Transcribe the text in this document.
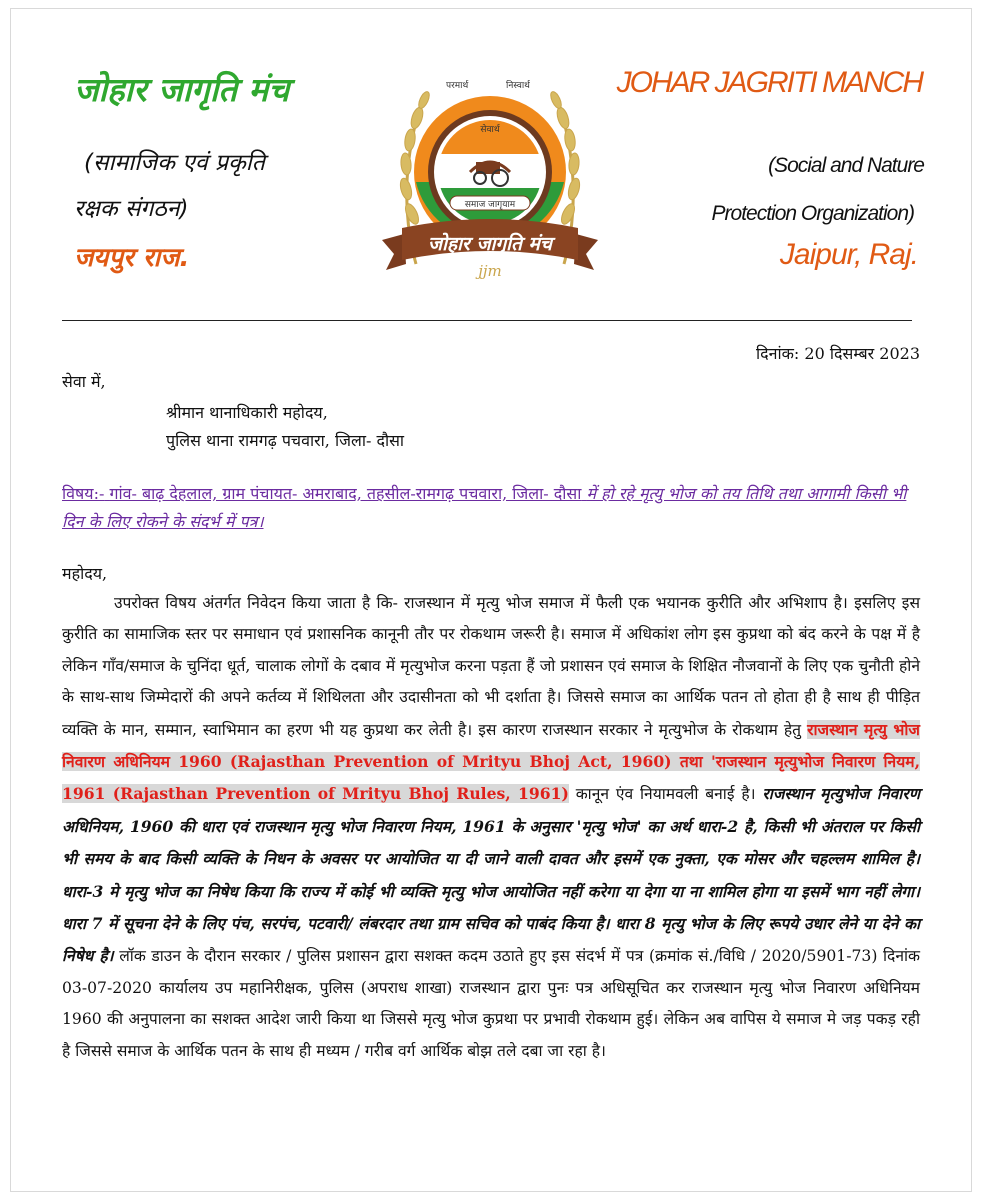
जोहार जागृति मंच

(सामाजिक एवं प्रकृति
रक्षक संगठन)

जयपुर राज.

JOHAR JAGRITI MANCH

(Social and Nature
Protection Organization)

Jaipur, Raj.

परमार्थ	निस्वार्थ
सेवार्थ
समाज जागृयाम
जोहार जागृति मंच
jjm

दिनांक: 20 दिसम्बर 2023

सेवा में,

श्रीमान थानाधिकारी महोदय,
पुलिस थाना रामगढ़ पचवारा, जिला- दौसा

विषय:- गांव- बाढ़ देहलाल, ग्राम पंचायत- अमराबाद, तहसील-रामगढ़ पचवारा, जिला- दौसा में हो रहे मृत्यु भोज को तय तिथि तथा आगामी किसी भी दिन के लिए रोकने के संदर्भ में पत्र।

महोदय,

उपरोक्त विषय अंतर्गत निवेदन किया जाता है कि- राजस्थान में मृत्यु भोज समाज में फैली एक भयानक कुरीति और अभिशाप है। इसलिए इस कुरीति का सामाजिक स्तर पर समाधान एवं प्रशासनिक कानूनी तौर पर रोकथाम जरूरी है। समाज में अधिकांश लोग इस कुप्रथा को बंद करने के पक्ष में है लेकिन गाँव/समाज के चुनिंदा धूर्त, चालाक लोगों के दबाव में मृत्युभोज करना पड़ता हैं जो प्रशासन एवं समाज के शिक्षित नौजवानों के लिए एक चुनौती होने के साथ-साथ जिम्मेदारों की अपने कर्तव्य में शिथिलता और उदासीनता को भी दर्शाता है। जिससे समाज का आर्थिक पतन तो होता ही है साथ ही पीड़ित व्यक्ति के मान, सम्मान, स्वाभिमान का हरण भी यह कुप्रथा कर लेती है। इस कारण राजस्थान सरकार ने मृत्युभोज के रोकथाम हेतु राजस्थान मृत्यु भोज निवारण अधिनियम 1960 (Rajasthan Prevention of Mrityu Bhoj Act, 1960) तथा 'राजस्थान मृत्युभोज निवारण नियम, 1961 (Rajasthan Prevention of Mrityu Bhoj Rules, 1961) कानून एंव नियामवली बनाई है। राजस्थान मृत्युभोज निवारण अधिनियम, 1960 की धारा एवं राजस्थान मृत्यु भोज निवारण नियम, 1961 के अनुसार 'मृत्यु भोज' का अर्थ धारा-2 है, किसी भी अंतराल पर किसी भी समय के बाद किसी व्यक्ति के निधन के अवसर पर आयोजित या दी जाने वाली दावत और इसमें एक नुक्ता, एक मोसर और चहल्लम शामिल है। धारा-3 मे मृत्यु भोज का निषेध किया कि राज्य में कोई भी व्यक्ति मृत्यु भोज आयोजित नहीं करेगा या देगा या ना शामिल होगा या इसमें भाग नहीं लेगा। धारा 7 में सूचना देने के लिए पंच, सरपंच, पटवारी/ लंबरदार तथा ग्राम सचिव को पाबंद किया है। धारा 8 मृत्यु भोज के लिए रूपये उधार लेने या देने का निषेध है। लॉक डाउन के दौरान सरकार / पुलिस प्रशासन द्वारा सशक्त कदम उठाते हुए इस संदर्भ में पत्र (क्रमांक सं./विधि / 2020/5901-73) दिनांक 03-07-2020 कार्यालय उप महानिरीक्षक, पुलिस (अपराध शाखा) राजस्थान द्वारा पुनः पत्र अधिसूचित कर राजस्थान मृत्यु भोज निवारण अधिनियम 1960 की अनुपालना का सशक्त आदेश जारी किया था जिससे मृत्यु भोज कुप्रथा पर प्रभावी रोकथाम हुई। लेकिन अब वापिस ये समाज मे जड़ पकड़ रही है जिससे समाज के आर्थिक पतन के साथ ही मध्यम / गरीब वर्ग आर्थिक बोझ तले दबा जा रहा है।
